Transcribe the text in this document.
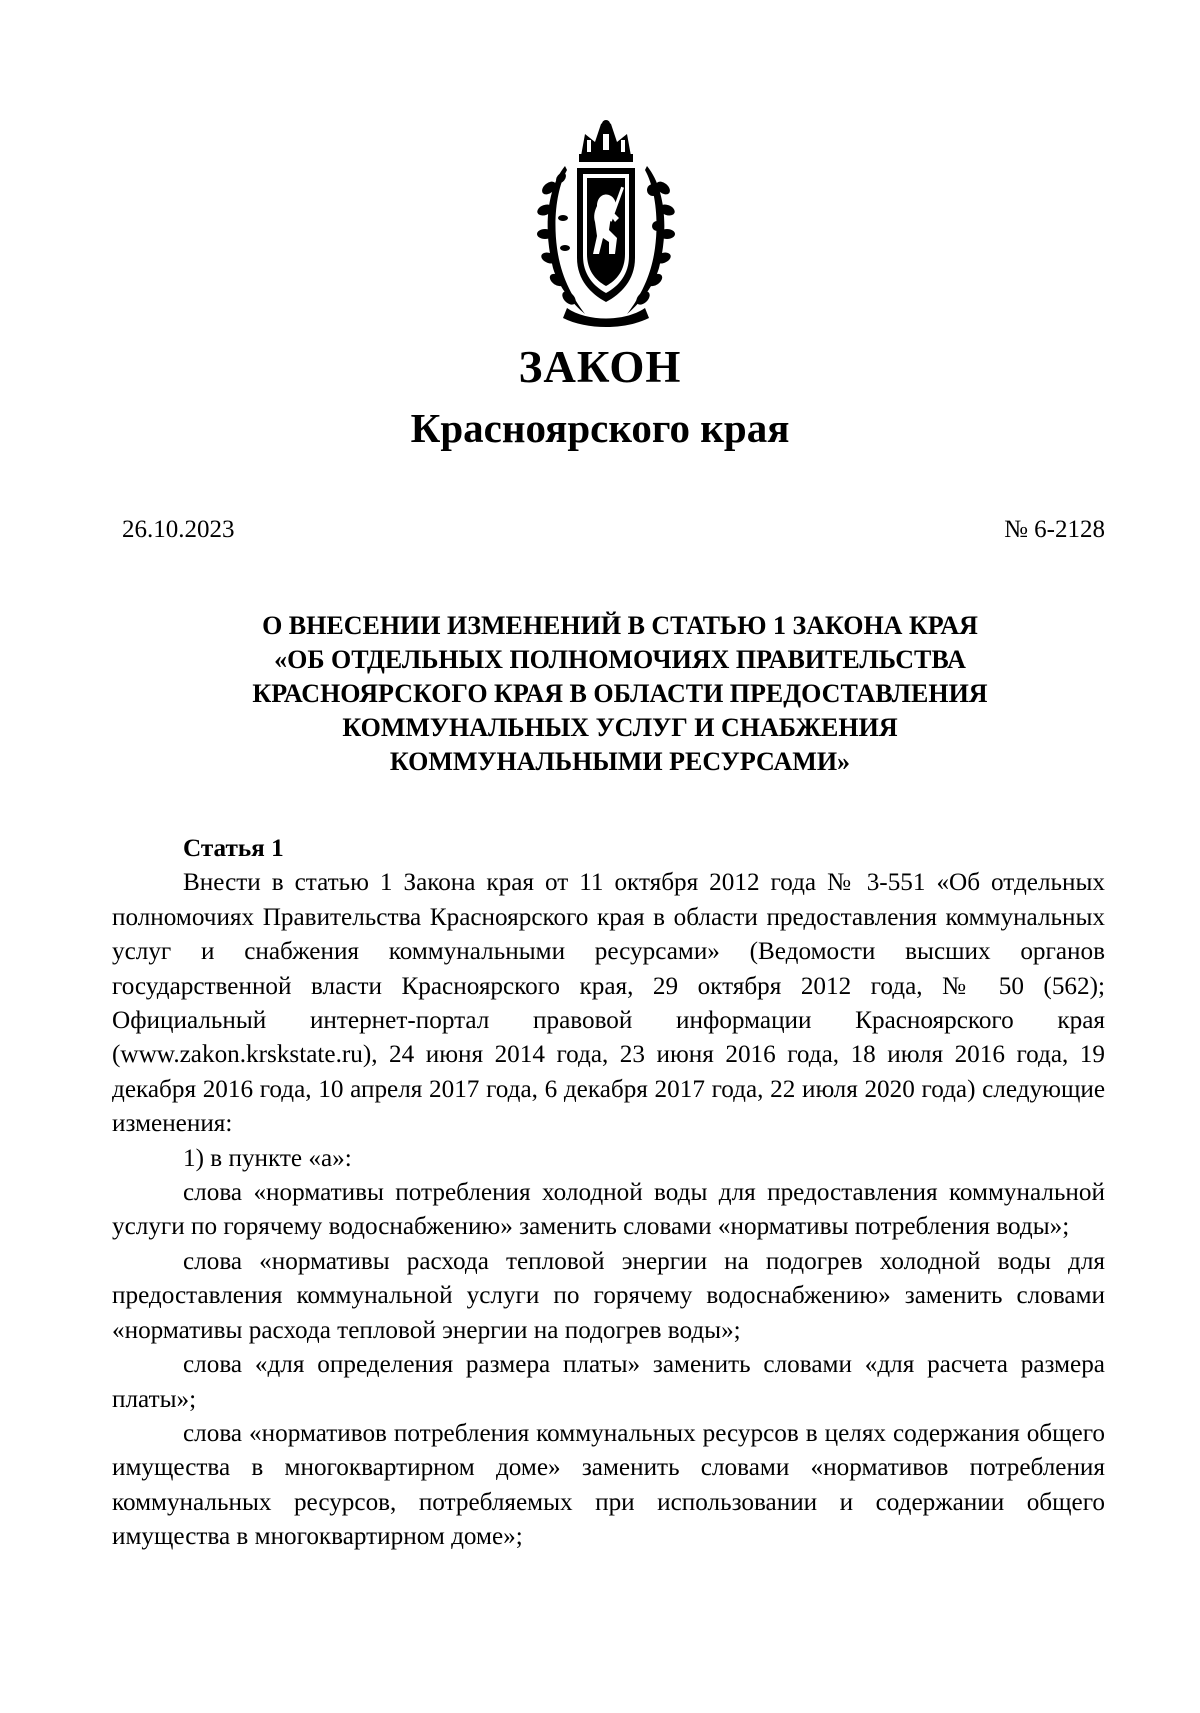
ЗАКОН
Красноярского края
26.10.2023	№ 6-2128
О ВНЕСЕНИИ ИЗМЕНЕНИЙ В СТАТЬЮ 1 ЗАКОНА КРАЯ
«ОБ ОТДЕЛЬНЫХ ПОЛНОМОЧИЯХ ПРАВИТЕЛЬСТВА
КРАСНОЯРСКОГО КРАЯ В ОБЛАСТИ ПРЕДОСТАВЛЕНИЯ
КОММУНАЛЬНЫХ УСЛУГ И СНАБЖЕНИЯ
КОММУНАЛЬНЫМИ РЕСУРСАМИ»

Статья 1

Внести в статью 1 Закона края от 11 октября 2012 года № 3-551 «Об отдельных полномочиях Правительства Красноярского края в области предоставления коммунальных услуг и снабжения коммунальными ресурсами» (Ведомости высших органов государственной власти Красноярского края, 29 октября 2012 года, № 50 (562); Официальный интернет-портал правовой информации Красноярского края (www.zakon.krskstate.ru), 24 июня 2014 года, 23 июня 2016 года, 18 июля 2016 года, 19 декабря 2016 года, 10 апреля 2017 года, 6 декабря 2017 года, 22 июля 2020 года) следующие изменения:

1) в пункте «а»:

слова «нормативы потребления холодной воды для предоставления коммунальной услуги по горячему водоснабжению» заменить словами «нормативы потребления воды»;

слова «нормативы расхода тепловой энергии на подогрев холодной воды для предоставления коммунальной услуги по горячему водоснабжению» заменить словами «нормативы расхода тепловой энергии на подогрев воды»;

слова «для определения размера платы» заменить словами «для расчета размера платы»;

слова «нормативов потребления коммунальных ресурсов в целях содержания общего имущества в многоквартирном доме» заменить словами «нормативов потребления коммунальных ресурсов, потребляемых при использовании и содержании общего имущества в многоквартирном доме»;
